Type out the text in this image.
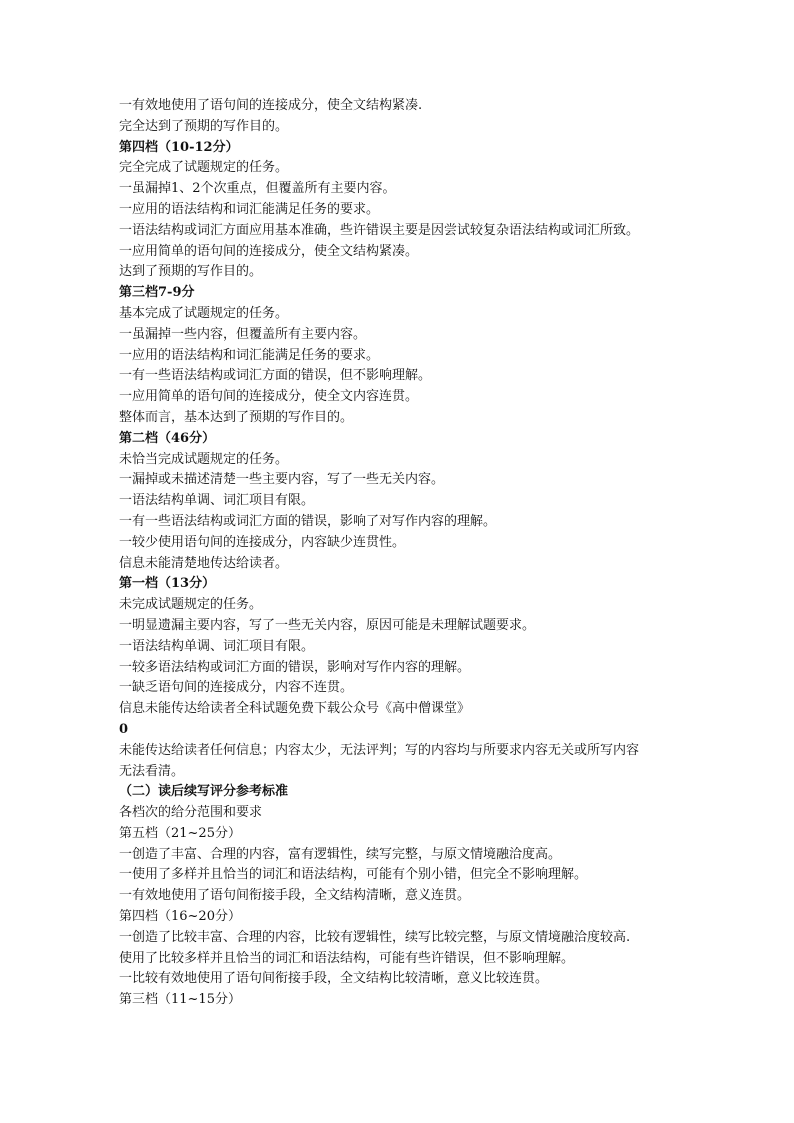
一有效地使用了语句间的连接成分，使全文结构紧凑.
完全达到了预期的写作目的。
第四档（10-12分）
完全完成了试题规定的任务。
一虽漏掉1、2个次重点，但覆盖所有主要内容。
一应用的语法结构和词汇能满足任务的要求。
一语法结构或词汇方面应用基本准确，些许错误主要是因尝试较复杂语法结构或词汇所致。
一应用简单的语句间的连接成分，使全文结构紧凑。
达到了预期的写作目的。
第三档7-9分
基本完成了试题规定的任务。
一虽漏掉一些内容，但覆盖所有主要内容。
一应用的语法结构和词汇能满足任务的要求。
一有一些语法结构或词汇方面的错误，但不影响理解。
一应用简单的语句间的连接成分，使全文内容连贯。
整体而言，基本达到了预期的写作目的。
第二档（46分）
未恰当完成试题规定的任务。
一漏掉或未描述清楚一些主要内容，写了一些无关内容。
一语法结构单调、词汇项目有限。
一有一些语法结构或词汇方面的错误，影响了对写作内容的理解。
一较少使用语句间的连接成分，内容缺少连贯性。
信息未能清楚地传达给读者。
第一档（13分）
未完成试题规定的任务。
一明显遗漏主要内容，写了一些无关内容，原因可能是未理解试题要求。
一语法结构单调、词汇项目有限。
一较多语法结构或词汇方面的错误，影响对写作内容的理解。
一缺乏语句间的连接成分，内容不连贯。
信息未能传达给读者全科试题免费下载公众号《高中僧课堂》
0
未能传达给读者任何信息；内容太少，无法评判；写的内容均与所要求内容无关或所写内容
无法看清。
（二）读后续写评分参考标准
各档次的给分范围和要求
第五档（21~25分）
一创造了丰富、合理的内容，富有逻辑性，续写完整，与原文情境融洽度高。
一使用了多样并且恰当的词汇和语法结构，可能有个别小错，但完全不影响理解。
一有效地使用了语句间衔接手段，全文结构清晰，意义连贯。
第四档（16~20分）
一创造了比较丰富、合理的内容，比较有逻辑性，续写比较完整，与原文情境融洽度较高.
使用了比较多样并且恰当的词汇和语法结构，可能有些许错误，但不影响理解。
一比较有效地使用了语句间衔接手段，全文结构比较清晰，意义比较连贯。
第三档（11~15分）
